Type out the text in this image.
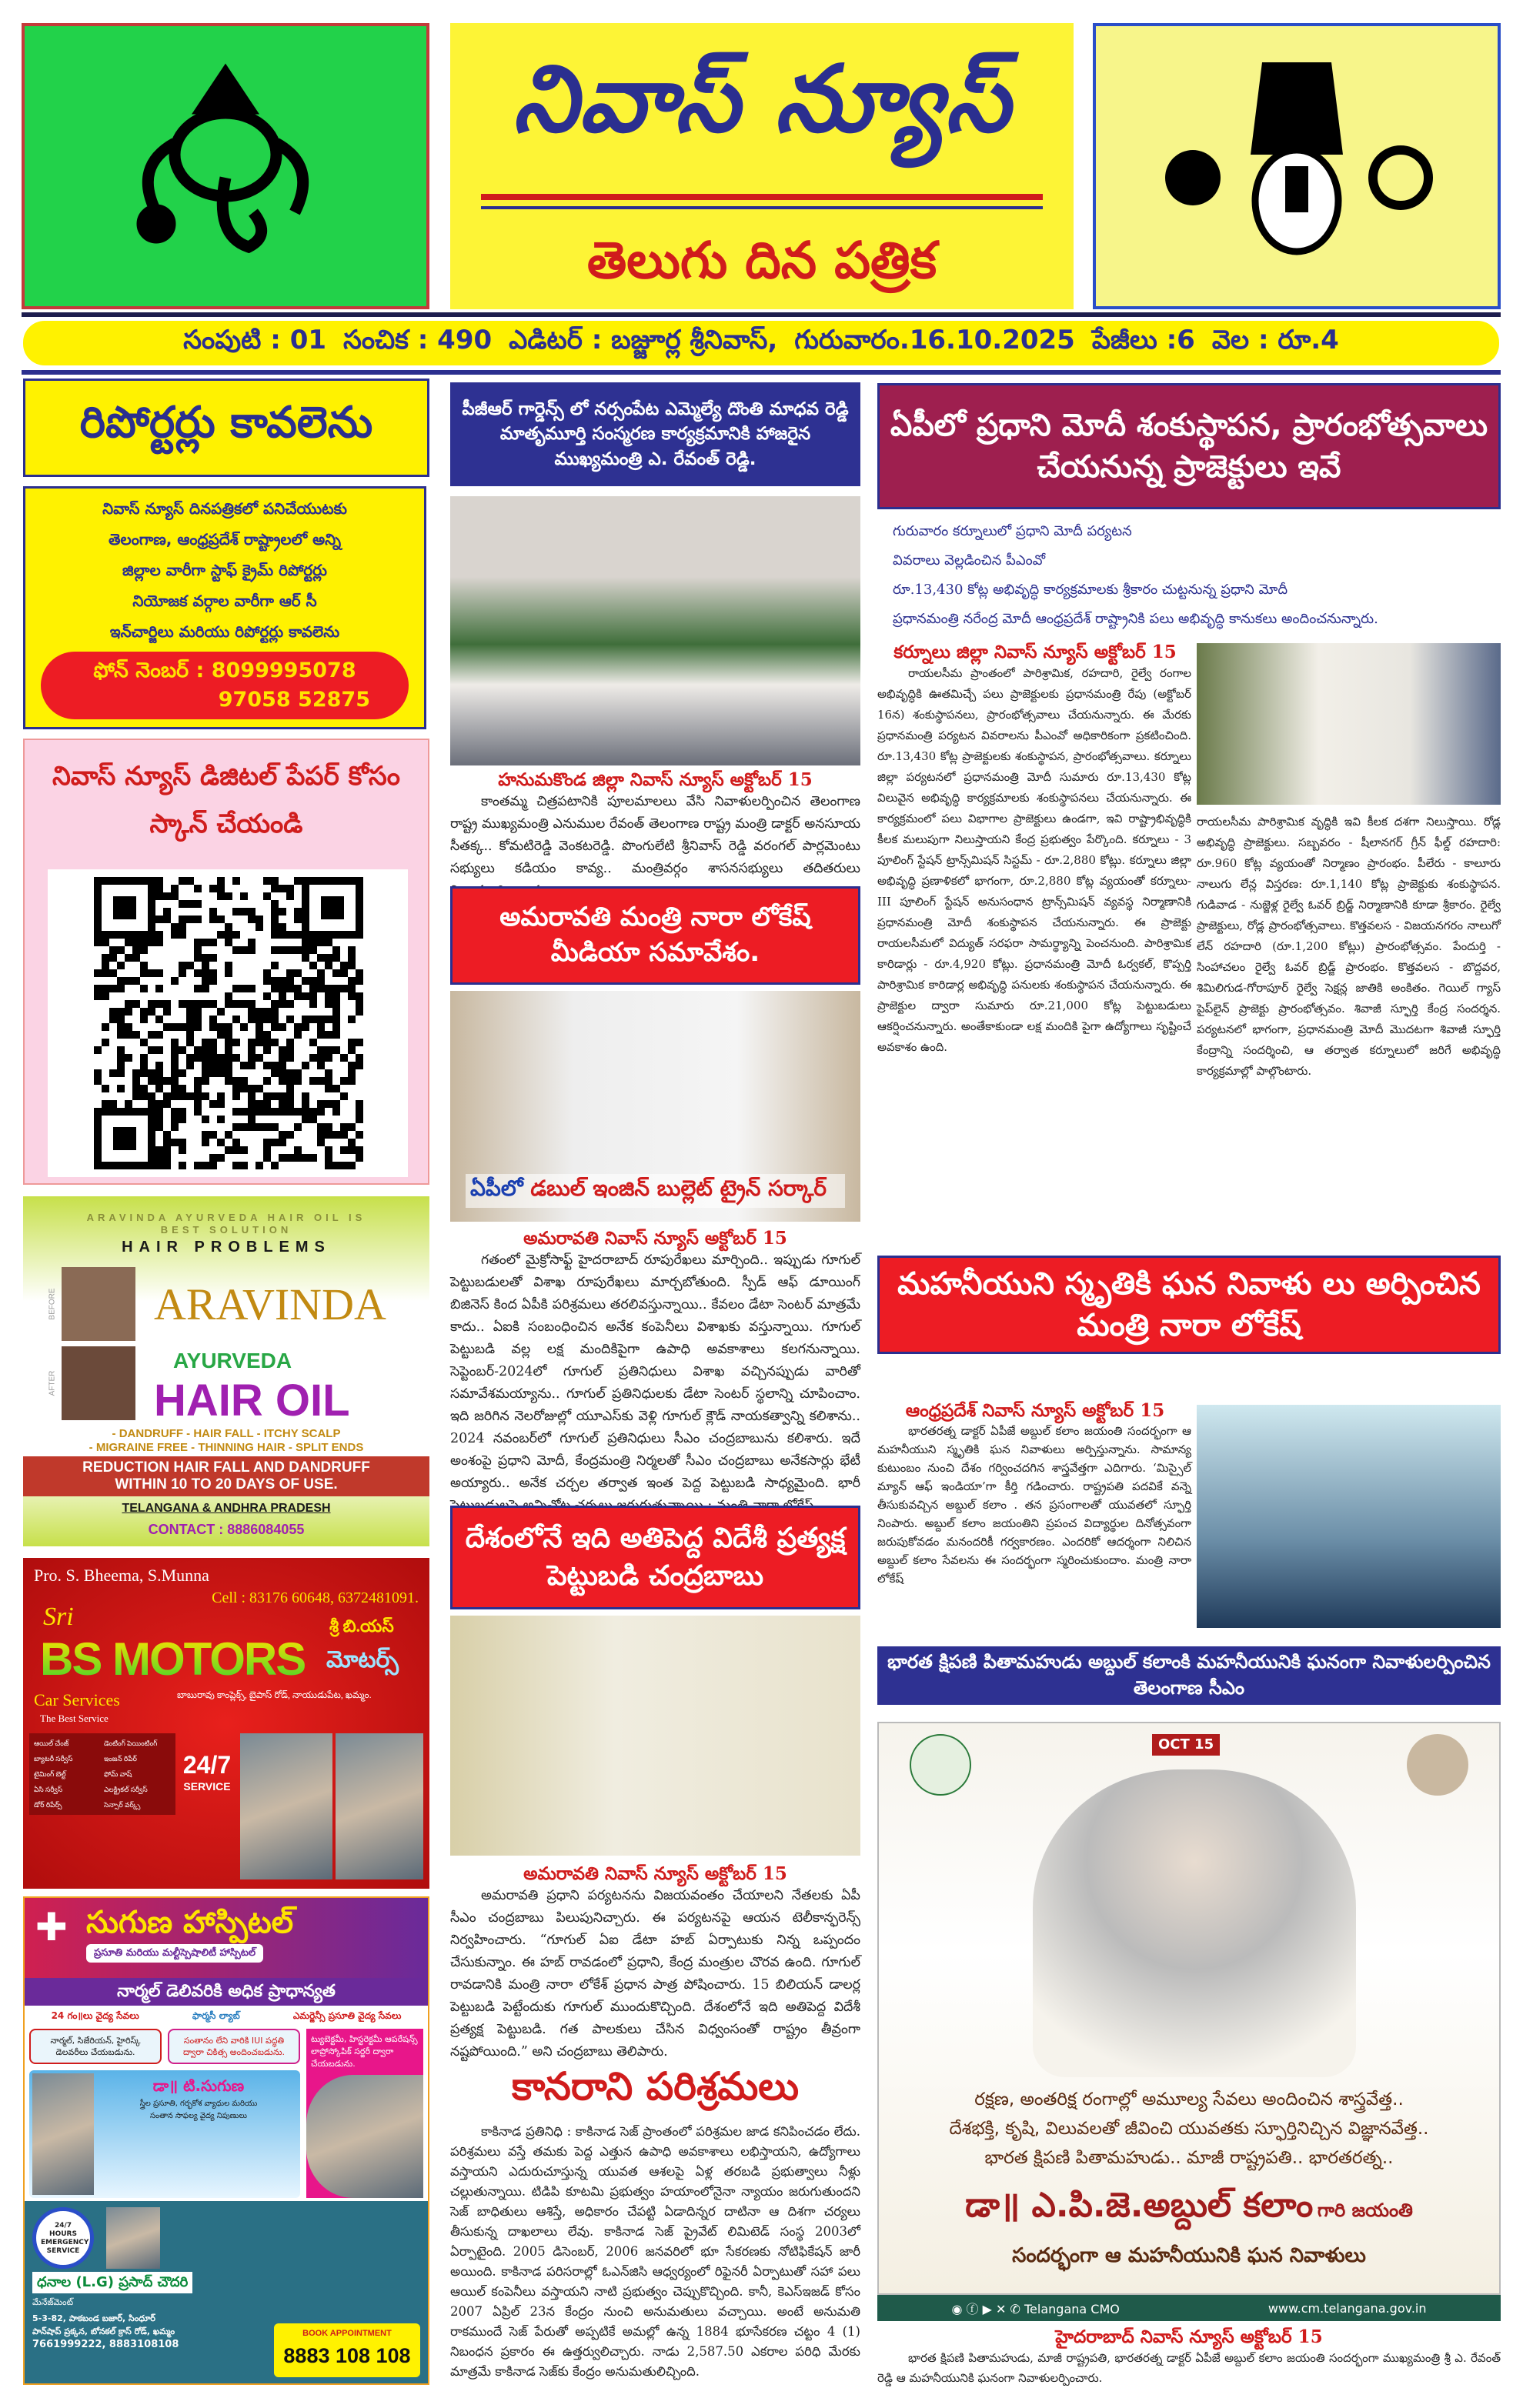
నివాస్ న్యూస్
తెలుగు దిన పత్రిక
సంపుటి : 01 సంచిక : 490 ఎడిటర్ : బజ్జూర్ల శ్రీనివాస్, గురువారం.16.10.2025 పేజీలు :6 వెల : రూ.4
రిపోర్టర్లు కావలెను
నివాస్ న్యూస్ దినపత్రికలో పనిచేయుటకు
తెలంగాణ, ఆంధ్రప్రదేశ్ రాష్ట్రాలలో అన్ని
జిల్లాల వారీగా స్టాఫ్ క్రైమ్ రిపోర్టర్లు
నియోజక వర్గాల వారీగా ఆర్ సీ
ఇన్‌చార్జిలు మరియు రిపోర్టర్లు కావలెను
ఫోన్ నెంబర్ : 8099995078
97058 52875
నివాస్ న్యూస్ డిజిటల్ పేపర్ కోసం స్కాన్ చేయండి
ARAVINDA AYURVEDA HAIR OIL IS
BEST SOLUTION
HAIR PROBLEMS
BEFORE
AFTER
ARAVINDA
AYURVEDA
HAIR OIL
- DANDRUFF - HAIR FALL - ITCHY SCALP
- MIGRAINE FREE - THINNING HAIR - SPLIT ENDS
REDUCTION HAIR FALL AND DANDRUFF
WITHIN 10 TO 20 DAYS OF USE.
TELANGANA & ANDHRA PRADESH
CONTACT : 8886084055
Pro. S. Bheema, S.Munna
Cell : 83176 60648, 6372481091.
Sri
BS MOTORS
శ్రీ బి.యస్
మోటర్స్
Car Services
The Best Service
బాబురావు కాంప్లెక్స్, బైపాస్ రోడ్, నాయుడుపేట, ఖమ్మం.
ఆయిల్ చేంజ్	డెంటింగ్ పెయింటింగ్
బ్యాటరీ సర్వీస్	ఇంజన్ రిపేర్
టైమింగ్ బెల్ట్	ఫోమ్ వాష్
ఏసి సర్వీస్	ఎలక్ట్రికల్ సర్వీస్
డోర్ రిపేర్స్	సెన్సార్ వర్క్స్
24/7
SERVICE
✚ సుగుణ హాస్పిటల్
ప్రసూతి మరియు మల్టీస్పెషాలిటీ హాస్పిటల్
నార్మల్ డెలివరికి అధిక ప్రాధాన్యత
24 గం॥లు వైద్య సేవలు	ఫార్మసీ ల్యాబ్	ఎమర్జెన్సీ ప్రసూతి వైద్య సేవలు
నార్మల్, సిజేరియన్, హైరిస్క్ డెలవరీలు చేయబడును.
సంతానం లేని వారికి IUI పద్ధతి ద్వారా చికిత్స అందించబడును.
డా॥ టి.సుగుణ
స్త్రీల ప్రసూతి, గర్భకోశ వ్యాధుల మరియు
సంతాన సాఫల్య వైద్య నిపుణులు
ట్యుబెక్టమీ, హిస్టరెక్టమీ ఆపరేషన్స్ లాప్రోస్కోపిక్ సర్జరీ ద్వారా చేయబడును.
24/7 HOURS EMERGENCY SERVICE
ధనాల (L.G) ప్రసాద్ చౌదరి
మేనేజ్‌మెంట్
5-3-82, పాకబండ బజార్, సింధూర్
పాన్‌షాప్ ప్రక్కన, బోనకల్ క్రాస్ రోడ్, ఖమ్మం
7661999222, 8883108108
BOOK APPOINTMENT
8883 108 108
పీజీఆర్ గార్డెన్స్ లో నర్సంపేట ఎమ్మెల్యే దొంతి మాధవ రెడ్డి మాతృమూర్తి సంస్మరణ కార్యక్రమానికి హాజరైన ముఖ్యమంత్రి ఎ. రేవంత్ రెడ్డి.
హనుమకొండ జిల్లా నివాస్ న్యూస్ అక్టోబర్ 15
కాంతమ్మ చిత్రపటానికి పూలమాలలు వేసి నివాళులర్పించిన తెలంగాణ రాష్ట్ర ముఖ్యమంత్రి ఎనుముల రేవంత్ తెలంగాణ రాష్ట్ర మంత్రి డాక్టర్ అనసూయ సీతక్క.. కోమటిరెడ్డి వెంకటరెడ్డి. పొంగులేటి శ్రీనివాస్ రెడ్డి వరంగల్ పార్లమెంటు సభ్యులు కడియం కావ్య.. మంత్రివర్గం శాసనసభ్యులు తదితరులు
అమరావతి మంత్రి నారా లోకేష్ మీడియా సమావేశం.
ఏపీలో డబుల్ ఇంజిన్ బుల్లెట్ ట్రైన్ సర్కార్
అమరావతి నివాస్ న్యూస్ అక్టోబర్ 15
గతంలో మైక్రోసాఫ్ట్ హైదరాబాద్ రూపురేఖలు మార్చింది.. ఇప్పుడు గూగుల్ పెట్టుబడులతో విశాఖ రూపురేఖలు మార్చబోతుంది. స్పీడ్ ఆఫ్ డూయింగ్ బిజినెస్ కింద ఏపీకి పరిశ్రమలు తరలివస్తున్నాయి.. కేవలం డేటా సెంటర్ మాత్రమే కాదు.. ఏఐకి సంబంధించిన అనేక కంపెనీలు విశాఖకు వస్తున్నాయి. గూగుల్ పెట్టుబడి వల్ల లక్ష మందికిపైగా ఉపాధి అవకాశాలు కలగనున్నాయి. సెప్టెంబర్-2024లో గూగుల్ ప్రతినిధులు విశాఖ వచ్చినప్పుడు వారితో సమావేశమయ్యాను.. గూగుల్ ప్రతినిధులకు డేటా సెంటర్ స్థలాన్ని చూపించాం. ఇది జరిగిన నెలరోజుల్లో యూఎస్‌కు వెళ్లి గూగుల్ క్లౌడ్ నాయకత్వాన్ని కలిశాను.. 2024 నవంబర్‌లో గూగుల్ ప్రతినిధులు సీఎం చంద్రబాబును కలిశారు. ఇదే అంశంపై ప్రధాని మోదీ, కేంద్రమంత్రి నిర్మలతో సీఎం చంద్రబాబు అనేకసార్లు భేటీ అయ్యారు.. అనేక చర్చల తర్వాత ఇంత పెద్ద పెట్టుబడి సాధ్యమైంది. భారీ
దేశంలోనే ఇది అతిపెద్ద విదేశీ ప్రత్యక్ష పెట్టుబడి చంద్రబాబు
అమరావతి నివాస్ న్యూస్ అక్టోబర్ 15
అమరావతి ప్రధాని పర్యటనను విజయవంతం చేయాలని నేతలకు ఏపీ సీఎం చంద్రబాబు పిలుపునిచ్చారు. ఈ పర్యటనపై ఆయన టెలీకాన్ఫరెన్స్ నిర్వహించారు. “గూగుల్ ఏఐ డేటా హబ్ ఏర్పాటుకు నిన్న ఒప్పందం చేసుకున్నాం. ఈ హబ్ రావడంలో ప్రధాని, కేంద్ర మంత్రుల చొరవ ఉంది. గూగుల్ రావడానికి మంత్రి నారా లోకేశ్ ప్రధాన పాత్ర పోషించారు. 15 బిలియన్ డాలర్ల పెట్టుబడి పెట్టేందుకు గూగుల్ ముందుకొచ్చింది. దేశంలోనే ఇది అతిపెద్ద విదేశీ ప్రత్యక్ష పెట్టుబడి. గత పాలకులు చేసిన విధ్వంసంతో రాష్ట్రం తీవ్రంగా నష్టపోయింది.” అని చంద్రబాబు తెలిపారు.
కానరాని పరిశ్రమలు
కాకినాడ ప్రతినిధి : కాకినాడ సెజ్ ప్రాంతంలో పరిశ్రమల జాడ కనిపించడం లేదు. పరిశ్రమలు వస్తే తమకు పెద్ద ఎత్తున ఉపాధి అవకాశాలు లభిస్తాయని, ఉద్యోగాలు వస్తాయని ఎదురుచూస్తున్న యువత ఆశలపై ఏళ్ల తరబడి ప్రభుత్వాలు నీళ్లు చల్లుతున్నాయి. టిడిపి కూటమి ప్రభుత్వం హయాంలోనైనా న్యాయం జరుగుతుందని సెజ్ బాధితులు ఆశిస్తే, అధికారం చేపట్టి ఏడాదిన్నర దాటినా ఆ దిశగా చర్యలు తీసుకున్న దాఖలాలు లేవు. కాకినాడ సెజ్ ప్రైవేట్ లిమిటెడ్ సంస్థ 2003లో ఏర్పాటైంది. 2005 డిసెంబర్, 2006 జనవరిలో భూ సేకరణకు నోటిఫికేషన్ జారీ అయింది. కాకినాడ పరిసరాల్లో ఓఎన్‌జిసి ఆధ్వర్యంలో రిఫైనరీ ఏర్పాటుతో సహా పలు ఆయిల్ కంపెనీలు వస్తాయని నాటి ప్రభుత్వం చెప్పుకొచ్చింది. కానీ, కెఎస్ఇజడ్ కోసం 2007 ఏప్రిల్ 23న కేంద్రం నుంచి అనుమతులు వచ్చాయి. అంటే అనుమతి రాకముందే సెజ్ పేరుతో అప్పటికే అమల్లో ఉన్న 1884 భూసేకరణ చట్టం 4 (1) నిబంధన ప్రకారం ఈ ఉత్తర్వులిచ్చారు. నాడు 2,587.50 ఎకరాల పరిధి మేరకు మాత్రమే కాకినాడ సెజ్‌కు కేంద్రం అనుమతులిచ్చింది.
ఏపీలో ప్రధాని మోదీ శంకుస్థాపన, ప్రారంభోత్సవాలు చేయనున్న ప్రాజెక్టులు ఇవే
గురువారం కర్నూలులో ప్రధాని మోదీ పర్యటన
వివరాలు వెల్లడించిన పీఎంవో
రూ.13,430 కోట్ల అభివృద్ధి కార్యక్రమాలకు శ్రీకారం చుట్టనున్న ప్రధాని మోదీ
ప్రధానమంత్రి నరేంద్ర మోదీ ఆంధ్రప్రదేశ్ రాష్ట్రానికి పలు అభివృద్ధి కానుకలు అందించనున్నారు.
కర్నూలు జిల్లా నివాస్ న్యూస్ అక్టోబర్ 15
రాయలసీమ ప్రాంతంలో పారిశ్రామిక, రహదారి, రైల్వే రంగాల అభివృద్ధికి ఊతమిచ్చే పలు ప్రాజెక్టులకు ప్రధానమంత్రి రేపు (అక్టోబర్ 16న) శంకుస్థాపనలు, ప్రారంభోత్సవాలు చేయనున్నారు. ఈ మేరకు ప్రధానమంత్రి పర్యటన వివరాలను పీఎంవో అధికారికంగా ప్రకటించింది. రూ.13,430 కోట్ల ప్రాజెక్టులకు శంకుస్థాపన, ప్రారంభోత్సవాలు. కర్నూలు జిల్లా పర్యటనలో ప్రధానమంత్రి మోదీ సుమారు రూ.13,430 కోట్ల విలువైన అభివృద్ధి కార్యక్రమాలకు శంకుస్థాపనలు చేయనున్నారు. ఈ కార్యక్రమంలో పలు విభాగాల ప్రాజెక్టులు ఉండగా, ఇవి రాష్ట్రాభివృద్ధికి కీలక మలుపుగా నిలుస్తాయని కేంద్ర ప్రభుత్వం పేర్కొంది. కర్నూలు - 3 పూలింగ్ స్టేషన్ ట్రాన్స్‌మిషన్ సిస్టమ్ - రూ.2,880 కోట్లు. కర్నూలు జిల్లా అభివృద్ధి ప్రణాళికలో భాగంగా, రూ.2,880 కోట్ల వ్యయంతో కర్నూలు-III పూలింగ్ స్టేషన్ అనుసంధాన ట్రాన్స్‌మిషన్ వ్యవస్థ నిర్మాణానికి ప్రధానమంత్రి మోదీ శంకుస్థాపన చేయనున్నారు. ఈ ప్రాజెక్టు రాయలసీమలో విద్యుత్ సరఫరా సామర్థ్యాన్ని పెంచనుంది. పారిశ్రామిక కారిడార్లు - రూ.4,920 కోట్లు. ప్రధానమంత్రి మోదీ ఓర్వకల్, కొప్పర్తి పారిశ్రామిక కారిడార్ల అభివృద్ధి పనులకు శంకుస్థాపన చేయనున్నారు. ఈ ప్రాజెక్టుల ద్వారా సుమారు రూ.21,000 కోట్ల పెట్టుబడులు ఆకర్షించనున్నారు. అంతేకాకుండా లక్ష మందికి పైగా ఉద్యోగాలు సృష్టించే అవకాశం ఉంది.
రాయలసీమ పారిశ్రామిక వృద్ధికి ఇవి కీలక దశగా నిలుస్తాయి. రోడ్ల అభివృద్ధి ప్రాజెక్టులు. సబ్బవరం - షీలానగర్ గ్రీన్ ఫీల్డ్ రహదారి: రూ.960 కోట్ల వ్యయంతో నిర్మాణం ప్రారంభం. పీలేరు - కాలూరు నాలుగు లేన్ల విస్తరణ: రూ.1,140 కోట్ల ప్రాజెక్టుకు శంకుస్థాపన. గుడివాడ - నుజ్జెళ్ల రైల్వే ఓవర్ బ్రిడ్జ్ నిర్మాణానికి కూడా శ్రీకారం. రైల్వే ప్రాజెక్టులు, రోడ్ల ప్రారంభోత్సవాలు. కొత్తవలస - విజయనగరం నాలుగో లేన్ రహదారి (రూ.1,200 కోట్లు) ప్రారంభోత్సవం. పేందుర్తి - సింహాచలం రైల్వే ఓవర్ బ్రిడ్జ్ ప్రారంభం. కొత్తవలస - బొద్దవర, శిమిలిగుడ-గోరాపూర్ రైల్వే సెక్షన్ల జాతికి అంకితం. గెయిల్ గ్యాస్ పైప్‌లైన్ ప్రాజెక్టు ప్రారంభోత్సవం. శివాజీ స్ఫూర్తి కేంద్ర సందర్శన. పర్యటనలో భాగంగా, ప్రధానమంత్రి మోదీ మొదటగా శివాజీ స్ఫూర్తి కేంద్రాన్ని సందర్శించి, ఆ తర్వాత కర్నూలులో జరిగే అభివృద్ధి కార్యక్రమాల్లో పాల్గొంటారు.
మహనీయుని స్మృతికి ఘన నివాళు లు అర్పించిన మంత్రి నారా లోకేష్
ఆంధ్రప్రదేశ్ నివాస్ న్యూస్ అక్టోబర్ 15
భారతరత్న డాక్టర్ ఏపీజే అబ్దుల్ కలాం జయంతి సందర్భంగా ఆ మహనీయుని స్మృతికి ఘన నివాళులు అర్పిస్తున్నాను. సామాన్య కుటుంబం నుంచి దేశం గర్వించదగిన శాస్త్రవేత్తగా ఎదిగారు. ‘మిస్సైల్ మ్యాన్ ఆఫ్ ఇండియా’గా కీర్తి గడించారు. రాష్ట్రపతి పదవికే వన్నె తీసుకువచ్చిన అబ్దుల్ కలాం . తన ప్రసంగాలతో యువతలో స్ఫూర్తి నింపారు. అబ్దుల్ కలాం జయంతిని ప్రపంచ విద్యార్థుల దినోత్సవంగా జరుపుకోవడం మనందరికీ గర్వకారణం. ఎందరికో ఆదర్శంగా నిలిచిన అబ్దుల్ కలాం సేవలను ఈ సందర్భంగా స్మరించుకుందాం. మంత్రి నారా లోకేష్
భారత క్షిపణి పితామహుడు అబ్దుల్ కలాంకి మహనీయునికి ఘనంగా నివాళులర్పించిన తెలంగాణ సీఎం
OCT 15
రక్షణ, అంతరిక్ష రంగాల్లో అమూల్య సేవలు అందించిన శాస్త్రవేత్త..
దేశభక్తి, కృషి, విలువలతో జీవించి యువతకు స్ఫూర్తినిచ్చిన విజ్ఞానవేత్త..
భారత క్షిపణి పితామహుడు.. మాజీ రాష్ట్రపతి.. భారతరత్న..
డా॥ ఎ.పి.జె.అబ్దుల్ కలాం గారి జయంతి
సందర్భంగా ఆ మహనీయునికి ఘన నివాళులు
◉ ⓕ ▶ ✕ ✆ Telangana CMO	www.cm.telangana.gov.in
హైదరాబాద్ నివాస్ న్యూస్ అక్టోబర్ 15
భారత క్షిపణి పితామహుడు, మాజీ రాష్ట్రపతి, భారతరత్న డాక్టర్ ఏపీజే అబ్దుల్ కలాం జయంతి సందర్భంగా ముఖ్యమంత్రి శ్రీ ఎ. రేవంత్ రెడ్డి ఆ మహనీయునికి ఘనంగా నివాళులర్పించారు.
